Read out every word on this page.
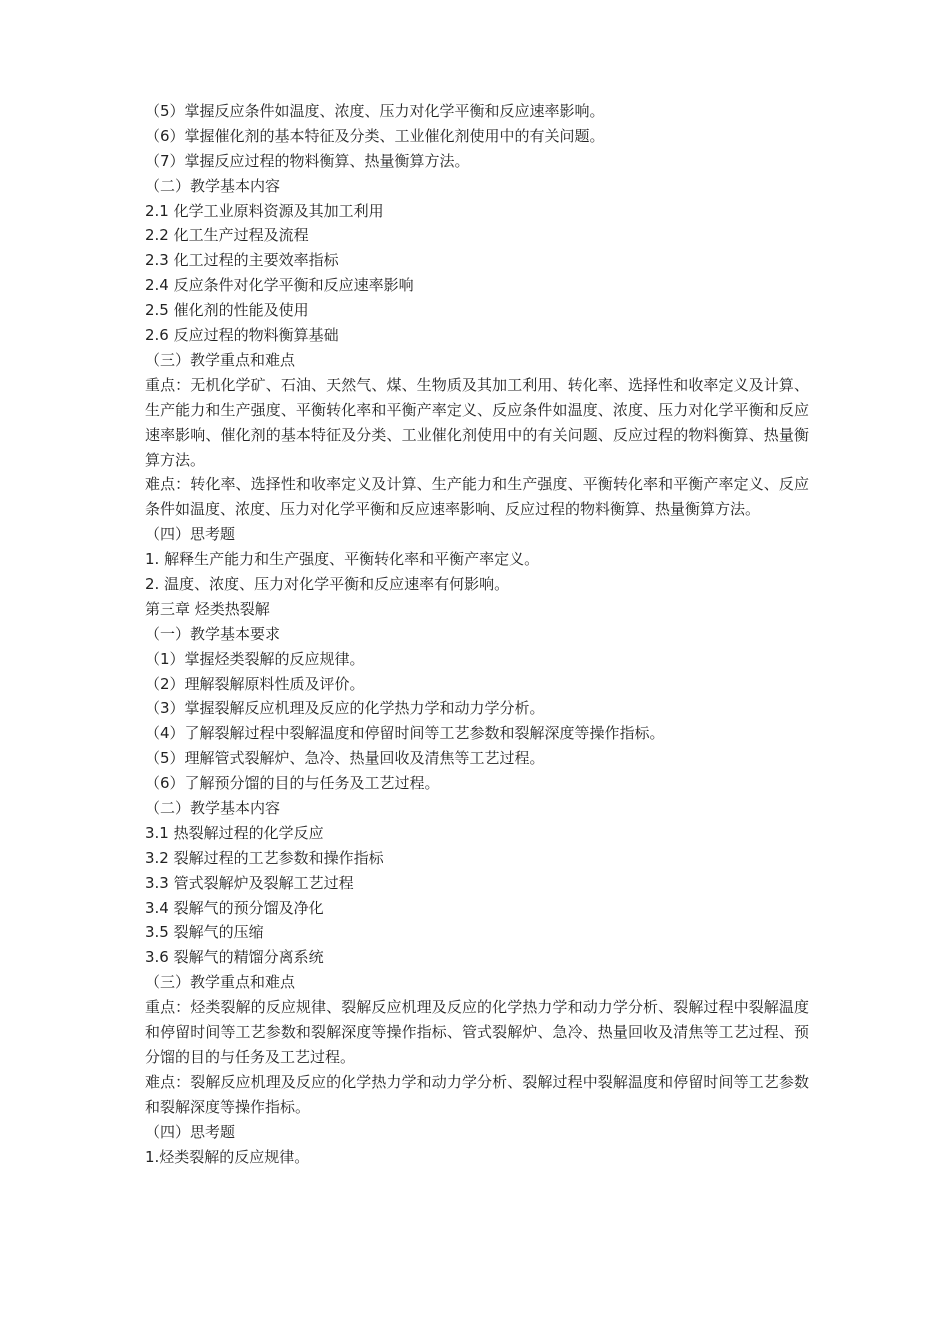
（5）掌握反应条件如温度、浓度、压力对化学平衡和反应速率影响。
（6）掌握催化剂的基本特征及分类、工业催化剂使用中的有关问题。
（7）掌握反应过程的物料衡算、热量衡算方法。
（二）教学基本内容
2.1 化学工业原料资源及其加工利用
2.2 化工生产过程及流程
2.3 化工过程的主要效率指标
2.4 反应条件对化学平衡和反应速率影响
2.5 催化剂的性能及使用
2.6 反应过程的物料衡算基础
（三）教学重点和难点
重点：无机化学矿、石油、天然气、煤、生物质及其加工利用、转化率、选择性和收率定义及计算、生产能力和生产强度、平衡转化率和平衡产率定义、反应条件如温度、浓度、压力对化学平衡和反应速率影响、催化剂的基本特征及分类、工业催化剂使用中的有关问题、反应过程的物料衡算、热量衡算方法。
难点：转化率、选择性和收率定义及计算、生产能力和生产强度、平衡转化率和平衡产率定义、反应条件如温度、浓度、压力对化学平衡和反应速率影响、反应过程的物料衡算、热量衡算方法。
（四）思考题
1. 解释生产能力和生产强度、平衡转化率和平衡产率定义。
2. 温度、浓度、压力对化学平衡和反应速率有何影响。
第三章 烃类热裂解
（一）教学基本要求
（1）掌握烃类裂解的反应规律。
（2）理解裂解原料性质及评价。
（3）掌握裂解反应机理及反应的化学热力学和动力学分析。
（4）了解裂解过程中裂解温度和停留时间等工艺参数和裂解深度等操作指标。
（5）理解管式裂解炉、急冷、热量回收及清焦等工艺过程。
（6）了解预分馏的目的与任务及工艺过程。
（二）教学基本内容
3.1 热裂解过程的化学反应
3.2 裂解过程的工艺参数和操作指标
3.3 管式裂解炉及裂解工艺过程
3.4 裂解气的预分馏及净化
3.5 裂解气的压缩
3.6 裂解气的精馏分离系统
（三）教学重点和难点
重点：烃类裂解的反应规律、裂解反应机理及反应的化学热力学和动力学分析、裂解过程中裂解温度和停留时间等工艺参数和裂解深度等操作指标、管式裂解炉、急冷、热量回收及清焦等工艺过程、预分馏的目的与任务及工艺过程。
难点：裂解反应机理及反应的化学热力学和动力学分析、裂解过程中裂解温度和停留时间等工艺参数和裂解深度等操作指标。
（四）思考题
1.烃类裂解的反应规律。
